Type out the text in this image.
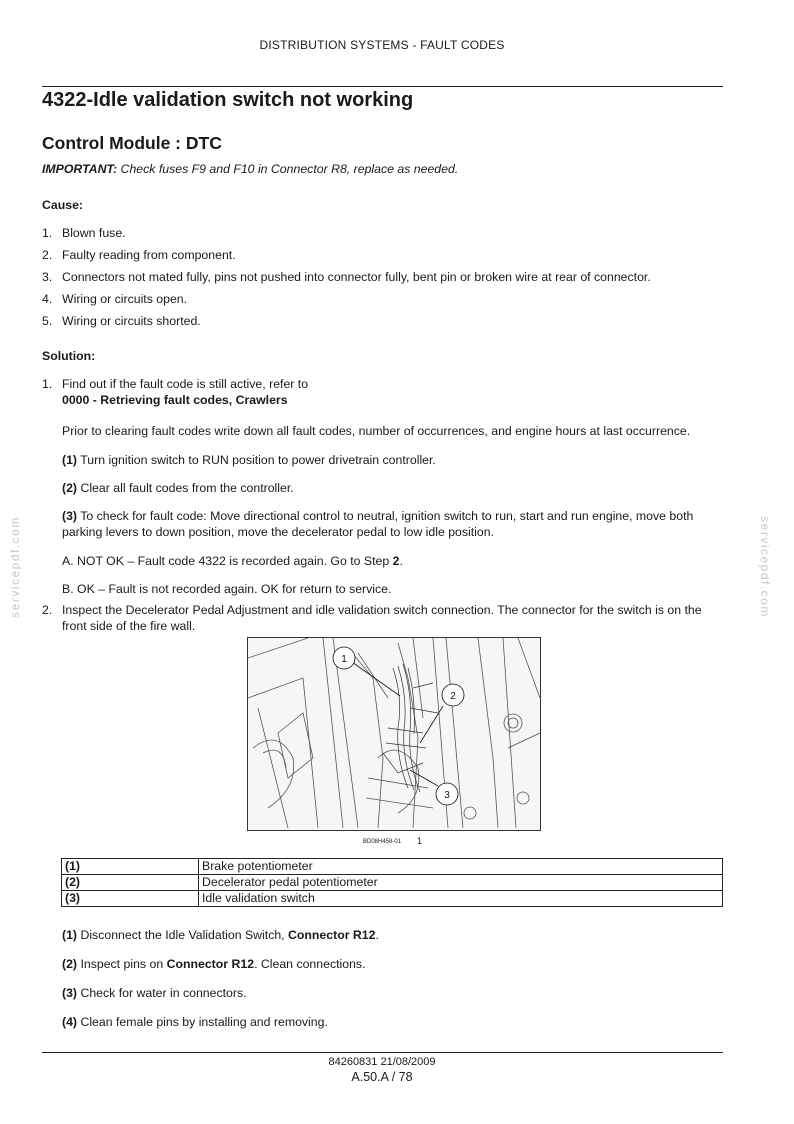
DISTRIBUTION SYSTEMS - FAULT CODES
4322-Idle validation switch not working
Control Module : DTC
IMPORTANT: Check fuses F9 and F10 in Connector R8, replace as needed.
Cause:
1. Blown fuse.
2. Faulty reading from component.
3. Connectors not mated fully, pins not pushed into connector fully, bent pin or broken wire at rear of connector.
4. Wiring or circuits open.
5. Wiring or circuits shorted.
Solution:
1. Find out if the fault code is still active, refer to
0000 - Retrieving fault codes, Crawlers
Prior to clearing fault codes write down all fault codes, number of occurrences, and engine hours at last occurrence.
(1) Turn ignition switch to RUN position to power drivetrain controller.
(2) Clear all fault codes from the controller.
(3) To check for fault code: Move directional control to neutral, ignition switch to run, start and run engine, move both parking levers to down position, move the decelerator pedal to low idle position.
A. NOT OK – Fault code 4322 is recorded again. Go to Step 2.
B. OK – Fault is not recorded again. OK for return to service.
2. Inspect the Decelerator Pedal Adjustment and idle validation switch connection. The connector for the switch is on the front side of the fire wall.
servicepdf.com	servicepdf.com
1
2
3
BD08H458-01 1
(1)	Brake potentiometer
(2)	Decelerator pedal potentiometer
(3)	Idle validation switch
(1) Disconnect the Idle Validation Switch, Connector R12.
(2) Inspect pins on Connector R12. Clean connections.
(3) Check for water in connectors.
(4) Clean female pins by installing and removing.
84260831 21/08/2009
A.50.A / 78
